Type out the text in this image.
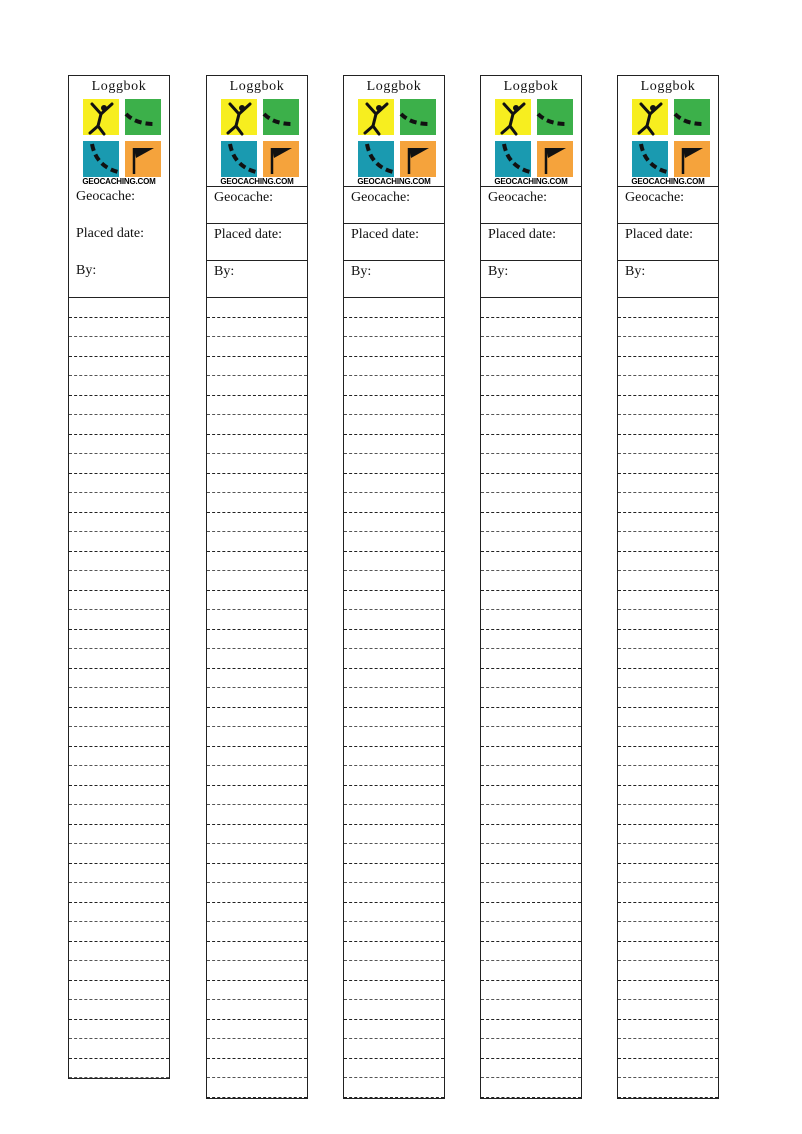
Loggbok
GEOCACHING.COM
Geocache:
Placed date:
By:
Loggbok
GEOCACHING.COM
Geocache:
Placed date:
By:
Loggbok
GEOCACHING.COM
Geocache:
Placed date:
By:
Loggbok
GEOCACHING.COM
Geocache:
Placed date:
By:
Loggbok
GEOCACHING.COM
Geocache:
Placed date:
By:
